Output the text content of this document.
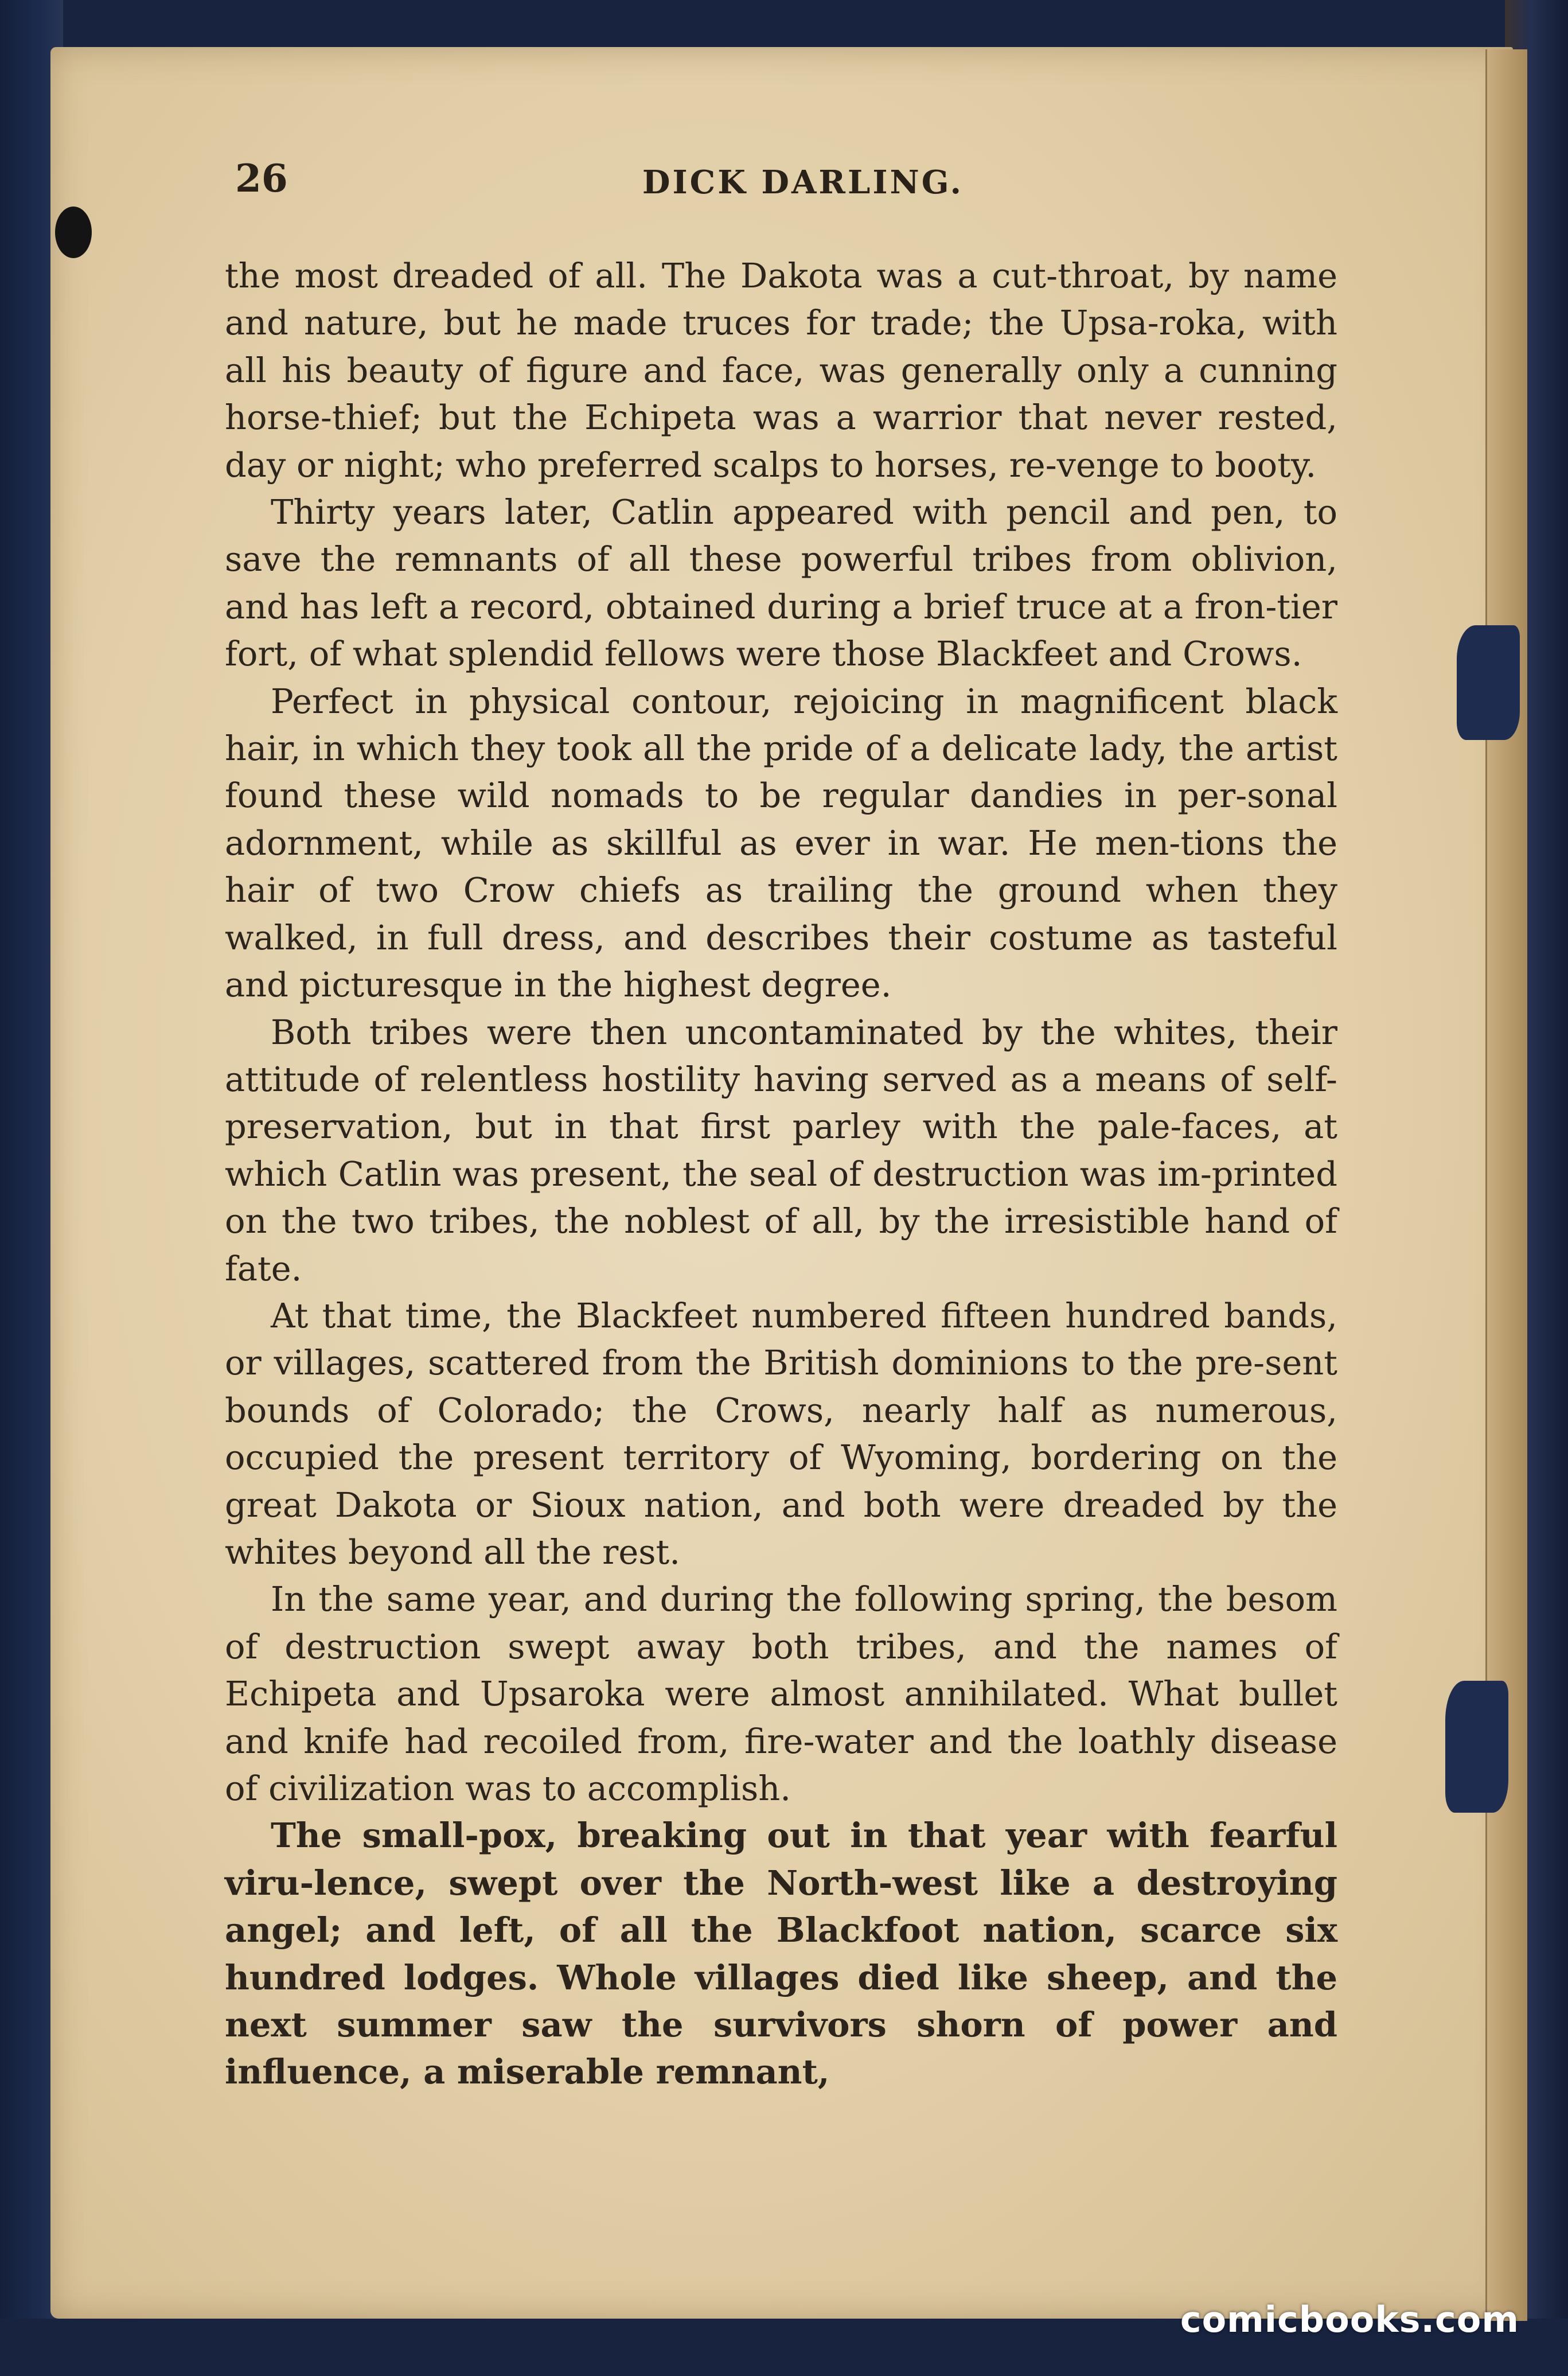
26	DICK DARLING.

the most dreaded of all. The Dakota was a cut-throat, by name and nature, but he made truces for trade; the Upsa-roka, with all his beauty of figure and face, was generally only a cunning horse-thief; but the Echipeta was a warrior that never rested, day or night; who preferred scalps to horses, re-venge to booty.

Thirty years later, Catlin appeared with pencil and pen, to save the remnants of all these powerful tribes from oblivion, and has left a record, obtained during a brief truce at a fron-tier fort, of what splendid fellows were those Blackfeet and Crows.

Perfect in physical contour, rejoicing in magnificent black hair, in which they took all the pride of a delicate lady, the artist found these wild nomads to be regular dandies in per-sonal adornment, while as skillful as ever in war. He men-tions the hair of two Crow chiefs as trailing the ground when they walked, in full dress, and describes their costume as tasteful and picturesque in the highest degree.

Both tribes were then uncontaminated by the whites, their attitude of relentless hostility having served as a means of self-preservation, but in that first parley with the pale-faces, at which Catlin was present, the seal of destruction was im-printed on the two tribes, the noblest of all, by the irresistible hand of fate.

At that time, the Blackfeet numbered fifteen hundred bands, or villages, scattered from the British dominions to the pre-sent bounds of Colorado; the Crows, nearly half as numerous, occupied the present territory of Wyoming, bordering on the great Dakota or Sioux nation, and both were dreaded by the whites beyond all the rest.

In the same year, and during the following spring, the besom of destruction swept away both tribes, and the names of Echipeta and Upsaroka were almost annihilated. What bullet and knife had recoiled from, fire-water and the loathly disease of civilization was to accomplish.

The small-pox, breaking out in that year with fearful viru-lence, swept over the North-west like a destroying angel; and left, of all the Blackfoot nation, scarce six hundred lodges. Whole villages died like sheep, and the next summer saw the survivors shorn of power and influence, a miserable remnant,

comicbooks.com
